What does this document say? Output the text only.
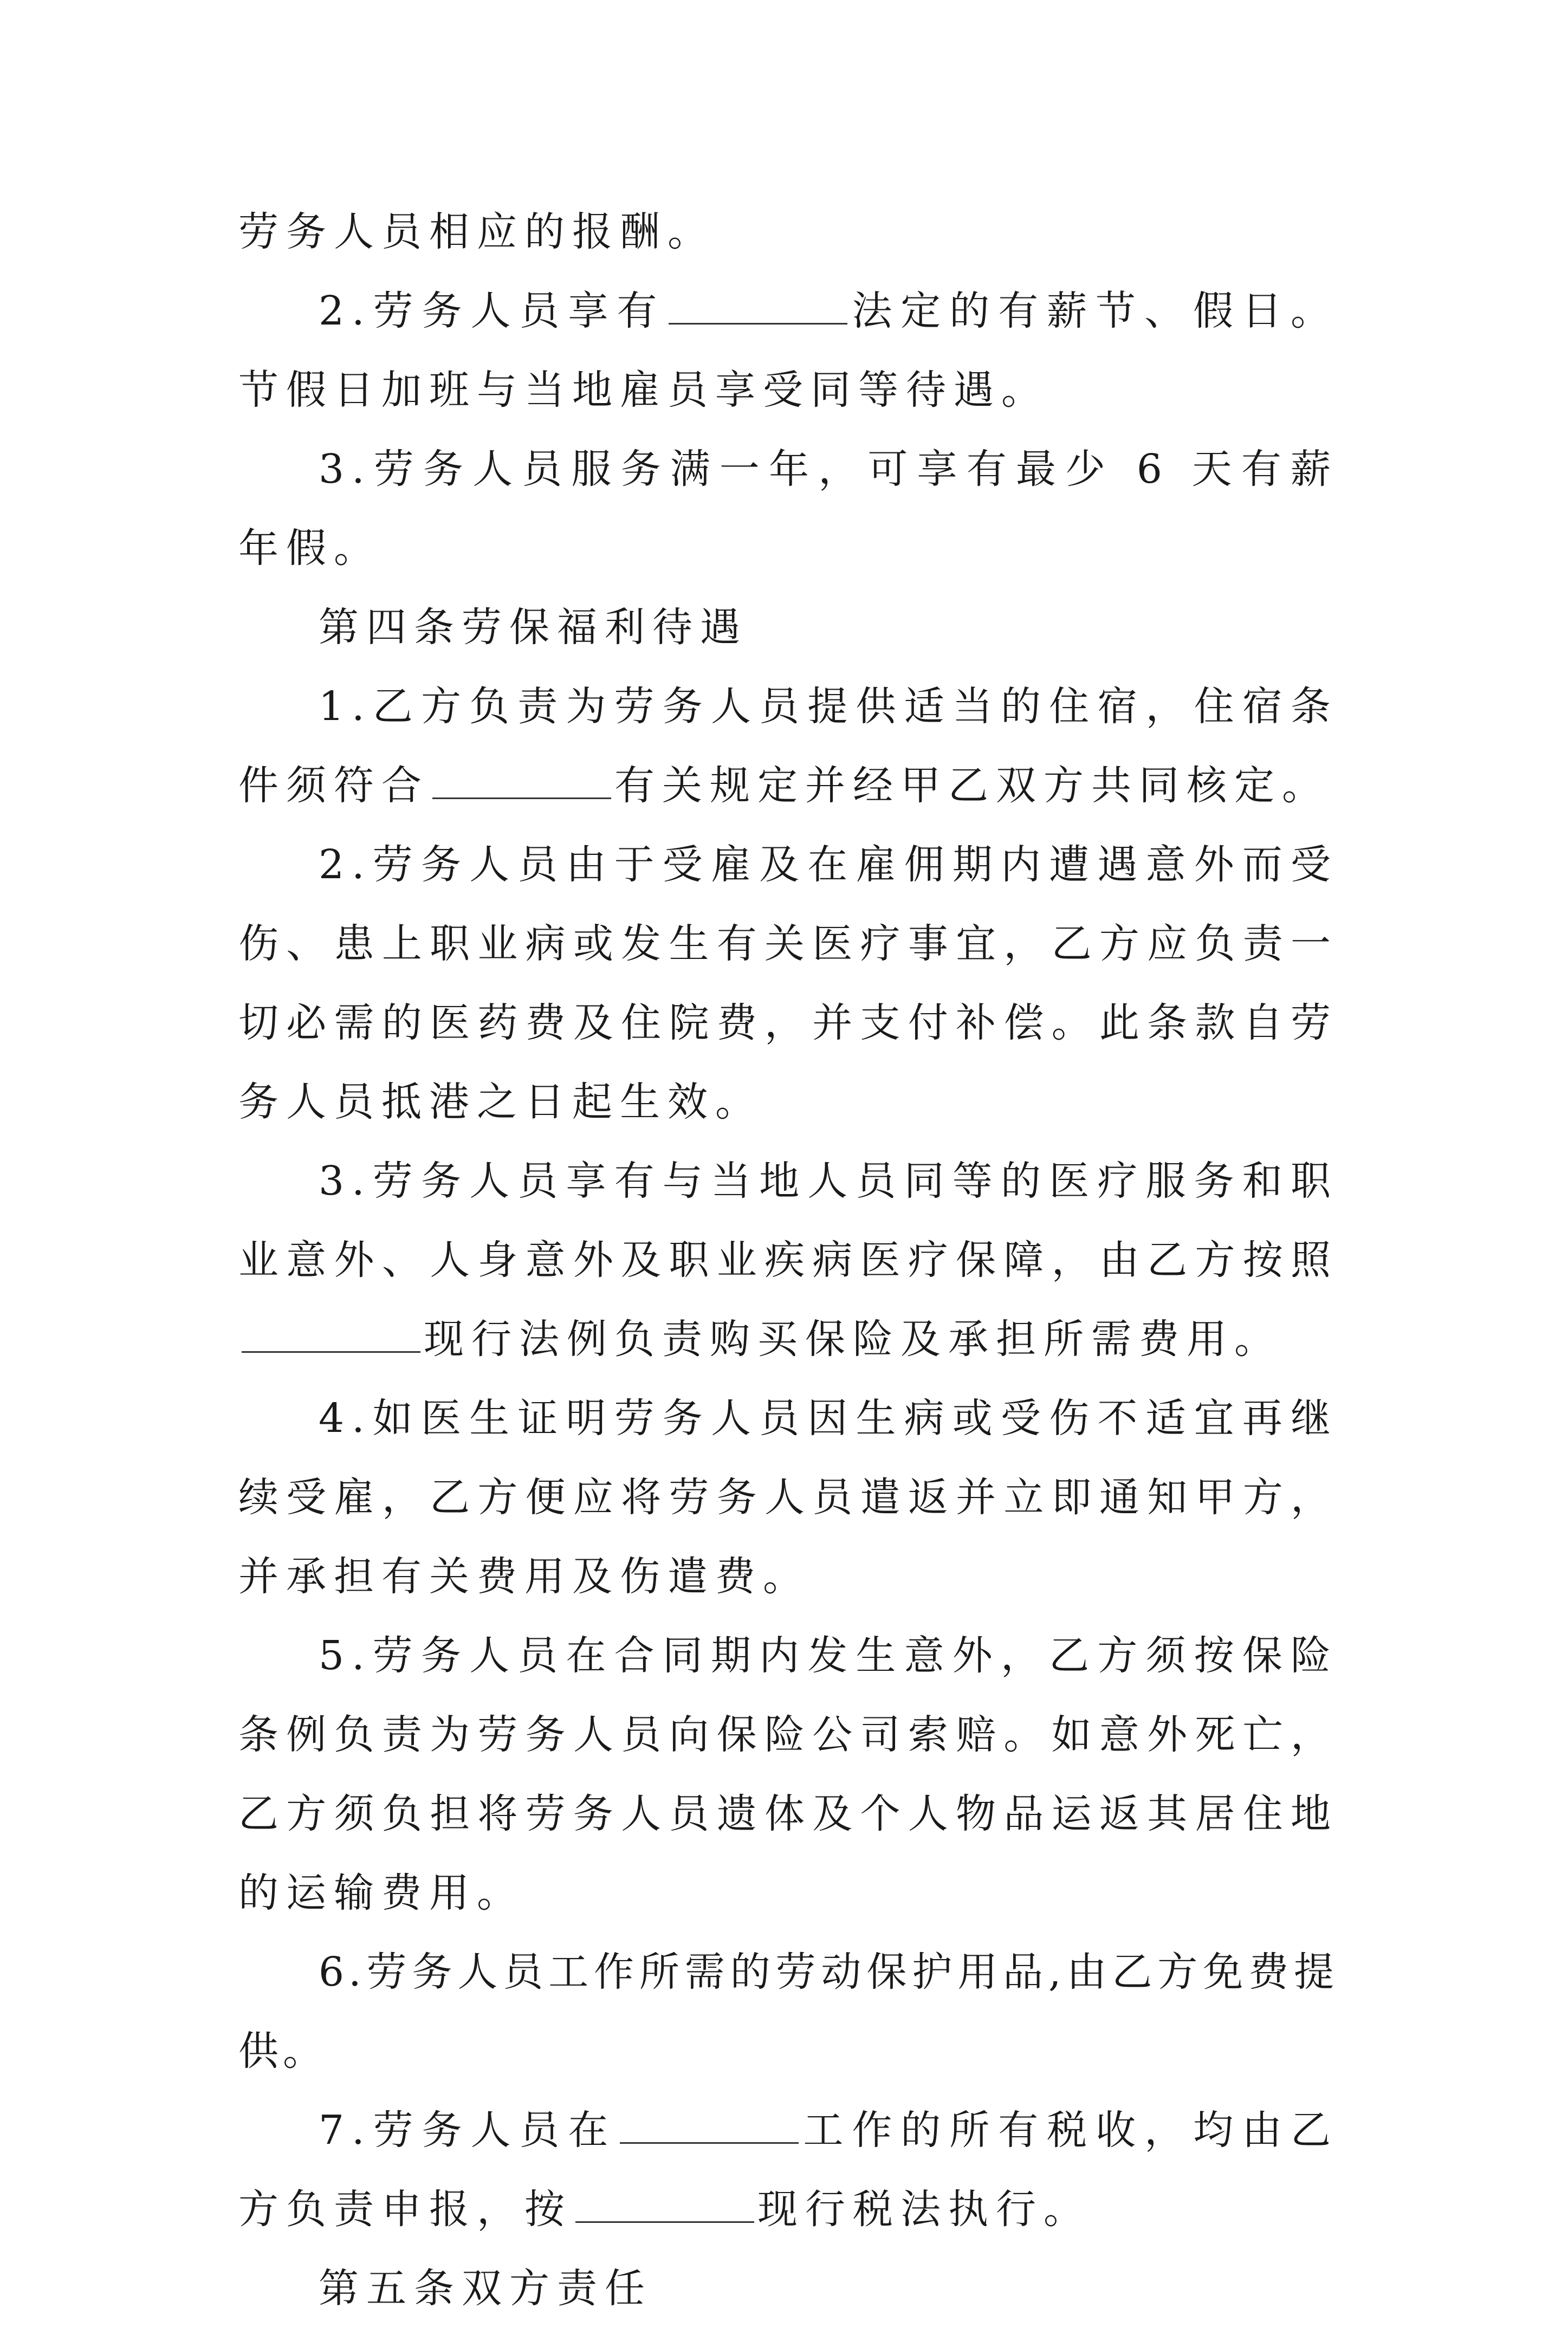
劳务人员相应的报酬。

2.劳务人员享有	法定的有薪节、假日。节假日加班与当地雇员享受同等待遇。

3.劳务人员服务满一年，可享有最少 6 天有薪年假。

第四条劳保福利待遇

1.乙方负责为劳务人员提供适当的住宿，住宿条件须符合	有关规定并经甲乙双方共同核定。

2.劳务人员由于受雇及在雇佣期内遭遇意外而受伤、患上职业病或发生有关医疗事宜，乙方应负责一切必需的医药费及住院费，并支付补偿。此条款自劳务人员抵港之日起生效。

3.劳务人员享有与当地人员同等的医疗服务和职业意外、人身意外及职业疾病医疗保障，由乙方按照现行法例负责购买保险及承担所需费用。

4.如医生证明劳务人员因生病或受伤不适宜再继续受雇，乙方便应将劳务人员遣返并立即通知甲方，并承担有关费用及伤遣费。

5.劳务人员在合同期内发生意外，乙方须按保险条例负责为劳务人员向保险公司索赔。如意外死亡，乙方须负担将劳务人员遗体及个人物品运返其居住地的运输费用。

6.劳务人员工作所需的劳动保护用品,由乙方免费提供。

7.劳务人员在	工作的所有税收，均由乙方负责申报，按	现行税法执行。

第五条双方责任
